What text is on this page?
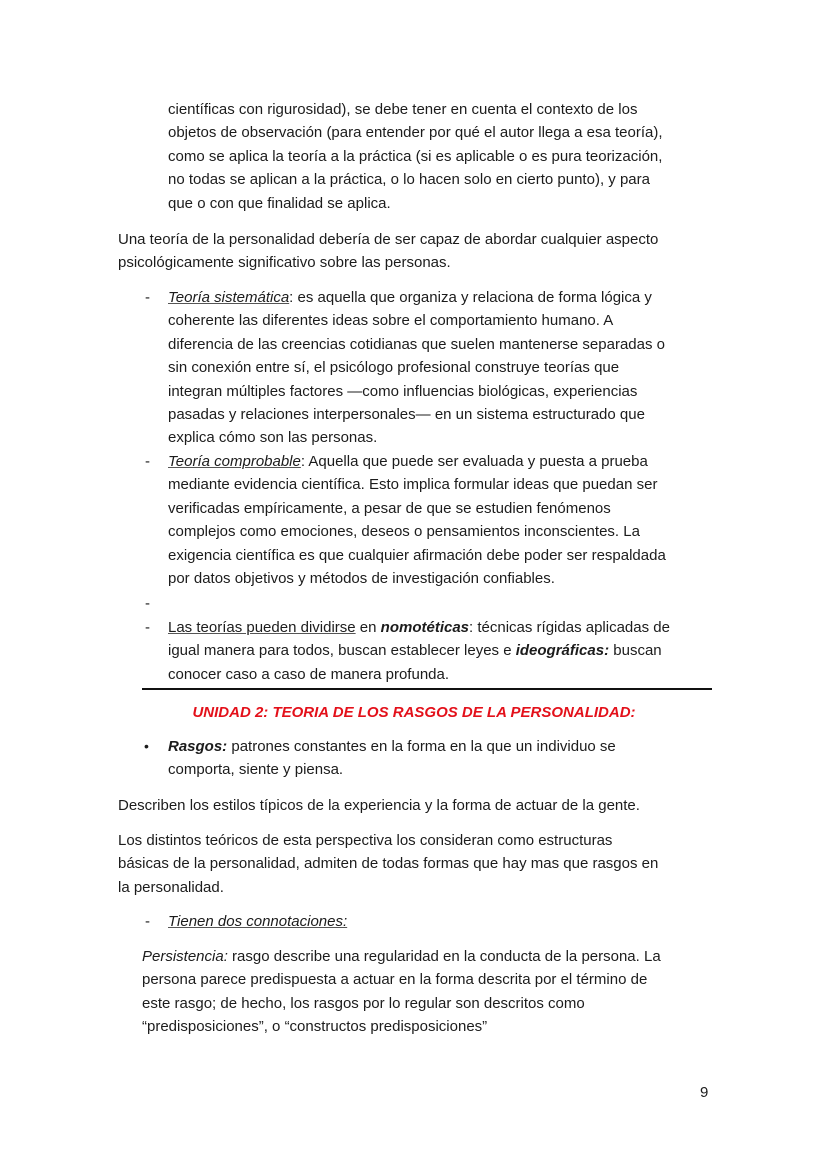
científicas con rigurosidad), se debe tener en cuenta el contexto de los
objetos de observación (para entender por qué el autor llega a esa teoría),
como se aplica la teoría a la práctica (si es aplicable o es pura teorización,
no todas se aplican a la práctica, o lo hacen solo en cierto punto), y para
que o con que finalidad se aplica.
Una teoría de la personalidad debería de ser capaz de abordar cualquier aspecto
psicológicamente significativo sobre las personas.
- Teoría sistemática: es aquella que organiza y relaciona de forma lógica y
coherente las diferentes ideas sobre el comportamiento humano. A
diferencia de las creencias cotidianas que suelen mantenerse separadas o
sin conexión entre sí, el psicólogo profesional construye teorías que
integran múltiples factores —como influencias biológicas, experiencias
pasadas y relaciones interpersonales— en un sistema estructurado que
explica cómo son las personas.
- Teoría comprobable: Aquella que puede ser evaluada y puesta a prueba
mediante evidencia científica. Esto implica formular ideas que puedan ser
verificadas empíricamente, a pesar de que se estudien fenómenos
complejos como emociones, deseos o pensamientos inconscientes. La
exigencia científica es que cualquier afirmación debe poder ser respaldada
por datos objetivos y métodos de investigación confiables.
-
- Las teorías pueden dividirse en nomotéticas: técnicas rígidas aplicadas de
igual manera para todos, buscan establecer leyes e ideográficas: buscan
conocer caso a caso de manera profunda.
UNIDAD 2: TEORIA DE LOS RASGOS DE LA PERSONALIDAD:
• Rasgos: patrones constantes en la forma en la que un individuo se
comporta, siente y piensa.
Describen los estilos típicos de la experiencia y la forma de actuar de la gente.
Los distintos teóricos de esta perspectiva los consideran como estructuras
básicas de la personalidad, admiten de todas formas que hay mas que rasgos en
la personalidad.
- Tienen dos connotaciones:
Persistencia: rasgo describe una regularidad en la conducta de la persona. La
persona parece predispuesta a actuar en la forma descrita por el término de
este rasgo; de hecho, los rasgos por lo regular son descritos como
“predisposiciones”, o “constructos predisposiciones”
9
